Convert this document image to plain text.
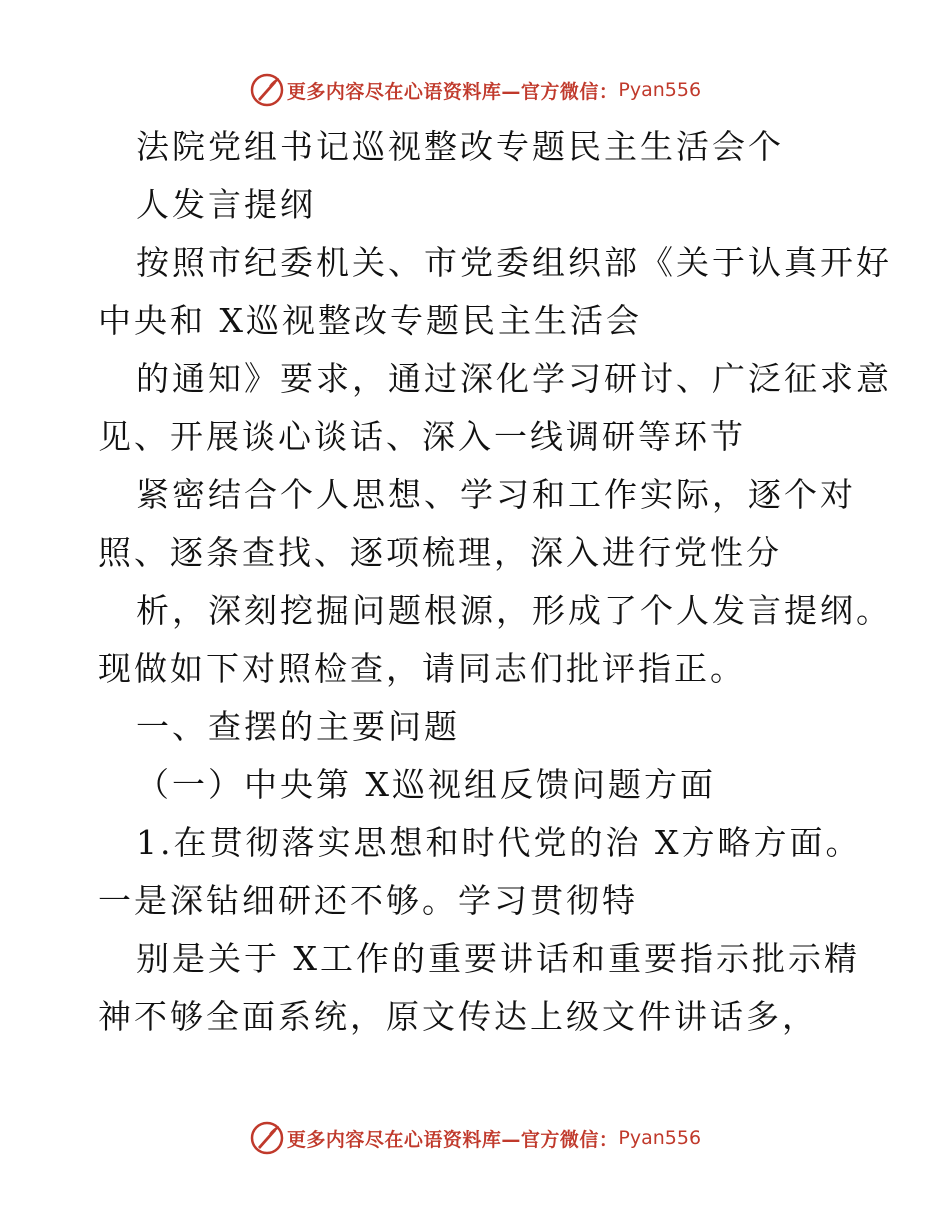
更多内容尽在心语资料库—官方微信： Pyan556
法院党组书记巡视整改专题民主生活会个
人发言提纲
按照市纪委机关、市党委组织部《关于认真开好
中央和 X巡视整改专题民主生活会
的通知》要求，通过深化学习研讨、广泛征求意
见、开展谈心谈话、深入一线调研等环节
紧密结合个人思想、学习和工作实际，逐个对
照、逐条查找、逐项梳理，深入进行党性分
析，深刻挖掘问题根源，形成了个人发言提纲。
现做如下对照检查，请同志们批评指正。
一、查摆的主要问题
（一）中央第 X巡视组反馈问题方面
1.在贯彻落实思想和时代党的治 X方略方面。
一是深钻细研还不够。学习贯彻特
别是关于 X工作的重要讲话和重要指示批示精
神不够全面系统，原文传达上级文件讲话多，
更多内容尽在心语资料库—官方微信： Pyan556
